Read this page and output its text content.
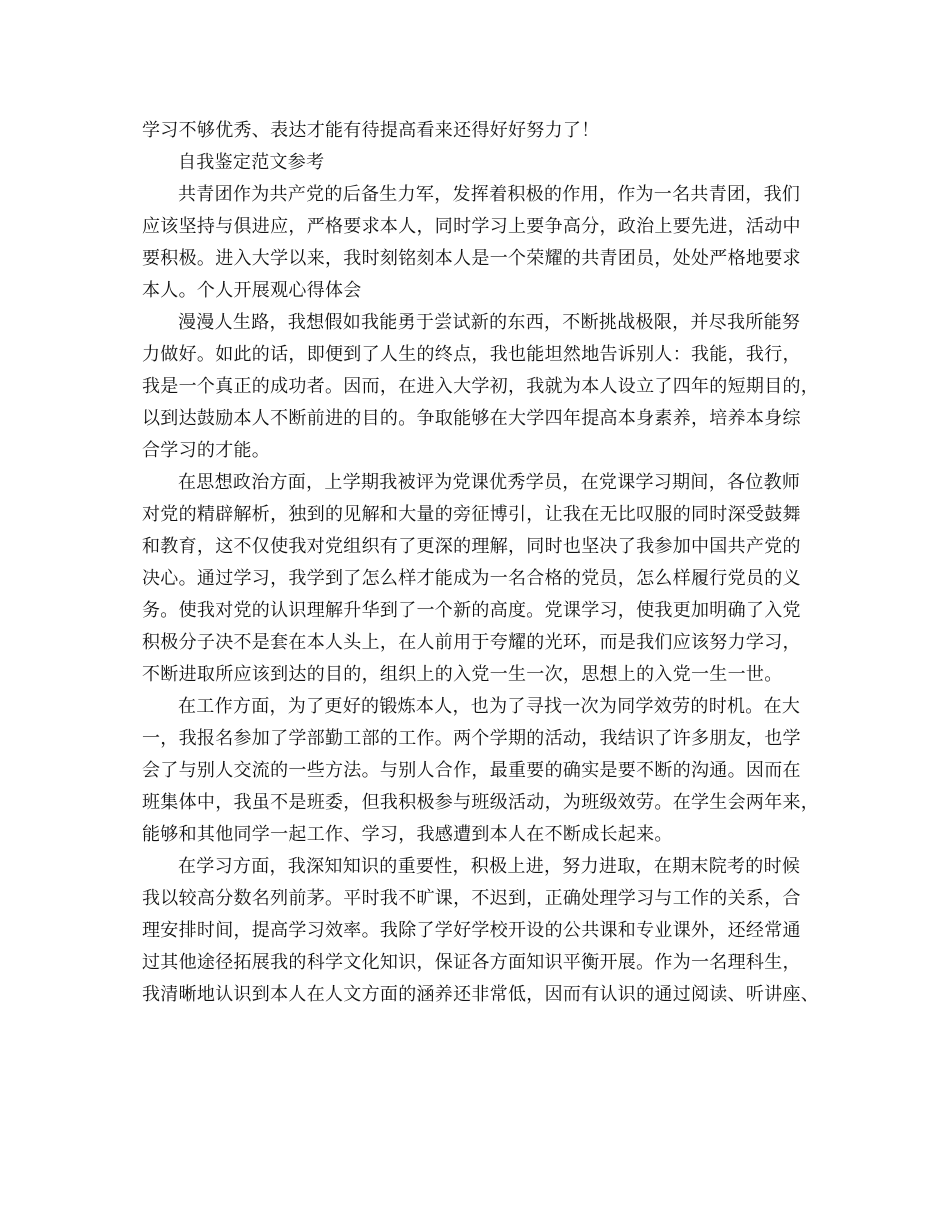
学习不够优秀、表达才能有待提高看来还得好好努力了！
自我鉴定范文参考
共青团作为共产党的后备生力军，发挥着积极的作用，作为一名共青团，我们
应该坚持与俱进应，严格要求本人，同时学习上要争高分，政治上要先进，活动中
要积极。进入大学以来，我时刻铭刻本人是一个荣耀的共青团员，处处严格地要求
本人。个人开展观心得体会
漫漫人生路，我想假如我能勇于尝试新的东西，不断挑战极限，并尽我所能努
力做好。如此的话，即便到了人生的终点，我也能坦然地告诉别人：我能，我行，
我是一个真正的成功者。因而，在进入大学初，我就为本人设立了四年的短期目的，
以到达鼓励本人不断前进的目的。争取能够在大学四年提高本身素养，培养本身综
合学习的才能。
在思想政治方面，上学期我被评为党课优秀学员，在党课学习期间，各位教师
对党的精辟解析，独到的见解和大量的旁征博引，让我在无比叹服的同时深受鼓舞
和教育，这不仅使我对党组织有了更深的理解，同时也坚决了我参加中国共产党的
决心。通过学习，我学到了怎么样才能成为一名合格的党员，怎么样履行党员的义
务。使我对党的认识理解升华到了一个新的高度。党课学习，使我更加明确了入党
积极分子决不是套在本人头上，在人前用于夸耀的光环，而是我们应该努力学习，
不断进取所应该到达的目的，组织上的入党一生一次，思想上的入党一生一世。
在工作方面，为了更好的锻炼本人，也为了寻找一次为同学效劳的时机。在大
一，我报名参加了学部勤工部的工作。两个学期的活动，我结识了许多朋友，也学
会了与别人交流的一些方法。与别人合作，最重要的确实是要不断的沟通。因而在
班集体中，我虽不是班委，但我积极参与班级活动，为班级效劳。在学生会两年来，
能够和其他同学一起工作、学习，我感遭到本人在不断成长起来。
在学习方面，我深知知识的重要性，积极上进，努力进取，在期末院考的时候
我以较高分数名列前茅。平时我不旷课，不迟到，正确处理学习与工作的关系，合
理安排时间，提高学习效率。我除了学好学校开设的公共课和专业课外，还经常通
过其他途径拓展我的科学文化知识，保证各方面知识平衡开展。作为一名理科生，
我清晰地认识到本人在人文方面的涵养还非常低，因而有认识的通过阅读、听讲座、
